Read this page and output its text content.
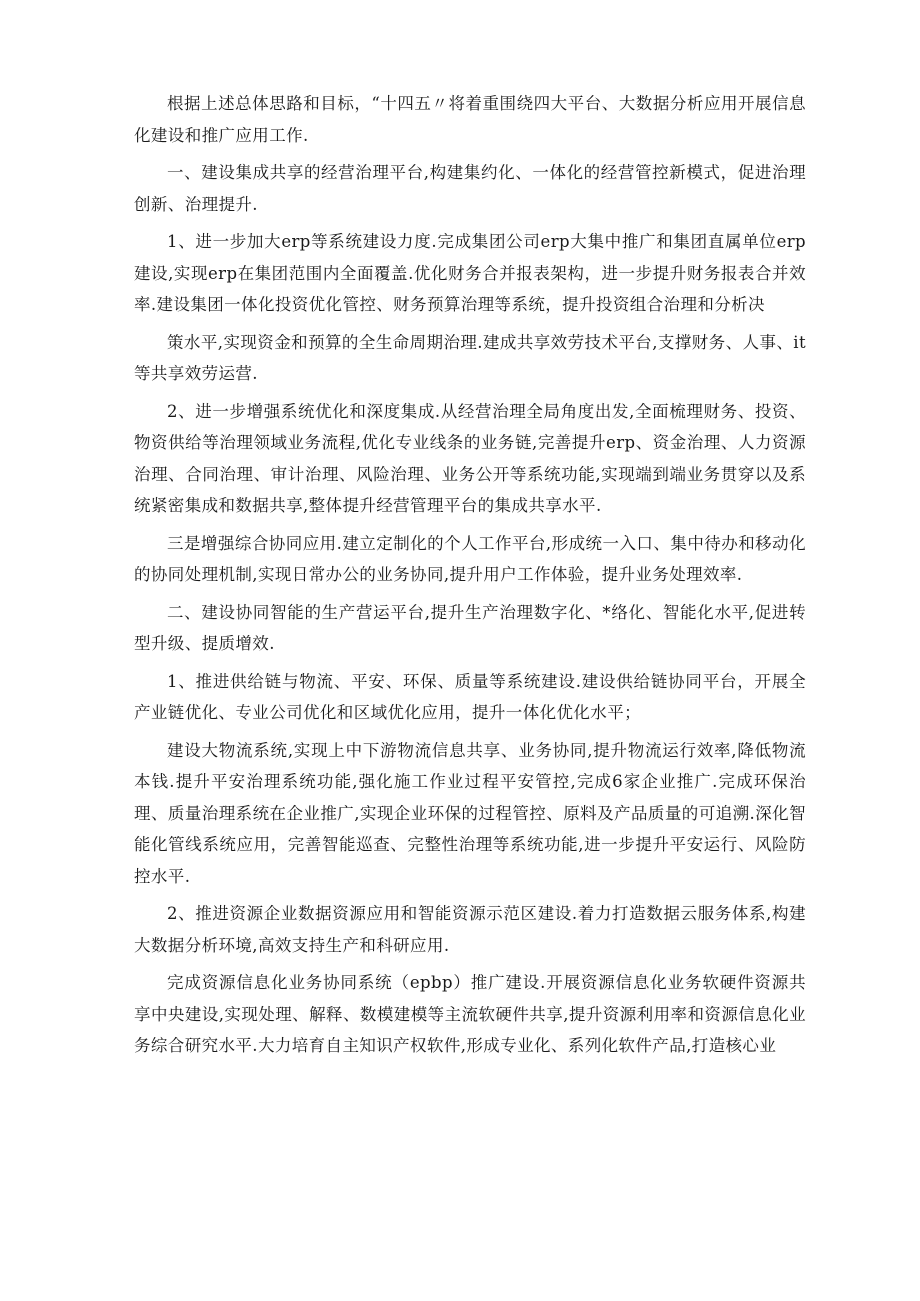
根据上述总体思路和目标，“十四五〃将着重围绕四大平台、大数据分析应用开展信息化建设和推广应用工作.

一、建设集成共享的经营治理平台,构建集约化、一体化的经营管控新模式，促进治理创新、治理提升.

1、进一步加大erp等系统建设力度.完成集团公司erp大集中推广和集团直属单位erp建设,实现erp在集团范围内全面覆盖.优化财务合并报表架构，进一步提升财务报表合并效率.建设集团一体化投资优化管控、财务预算治理等系统，提升投资组合治理和分析决

策水平,实现资金和预算的全生命周期治理.建成共享效劳技术平台,支撑财务、人事、it等共享效劳运营.

2、进一步增强系统优化和深度集成.从经营治理全局角度出发,全面梳理财务、投资、物资供给等治理领域业务流程,优化专业线条的业务链,完善提升erp、资金治理、人力资源治理、合同治理、审计治理、风险治理、业务公开等系统功能,实现端到端业务贯穿以及系统紧密集成和数据共享,整体提升经营管理平台的集成共享水平.

三是增强综合协同应用.建立定制化的个人工作平台,形成统一入口、集中待办和移动化的协同处理机制,实现日常办公的业务协同,提升用户工作体验，提升业务处理效率.

二、建设协同智能的生产营运平台,提升生产治理数字化、*络化、智能化水平,促进转型升级、提质增效.

1、推进供给链与物流、平安、环保、质量等系统建设.建设供给链协同平台，开展全产业链优化、专业公司优化和区域优化应用，提升一体化优化水平；

建设大物流系统,实现上中下游物流信息共享、业务协同,提升物流运行效率,降低物流本钱.提升平安治理系统功能,强化施工作业过程平安管控,完成6家企业推广.完成环保治理、质量治理系统在企业推广,实现企业环保的过程管控、原料及产品质量的可追溯.深化智能化管线系统应用，完善智能巡查、完整性治理等系统功能,进一步提升平安运行、风险防控水平.

2、推进资源企业数据资源应用和智能资源示范区建设.着力打造数据云服务体系,构建大数据分析环境,高效支持生产和科研应用.

完成资源信息化业务协同系统（epbp）推广建设.开展资源信息化业务软硬件资源共享中央建设,实现处理、解释、数模建模等主流软硬件共享,提升资源利用率和资源信息化业务综合研究水平.大力培育自主知识产权软件,形成专业化、系列化软件产品,打造核心业
